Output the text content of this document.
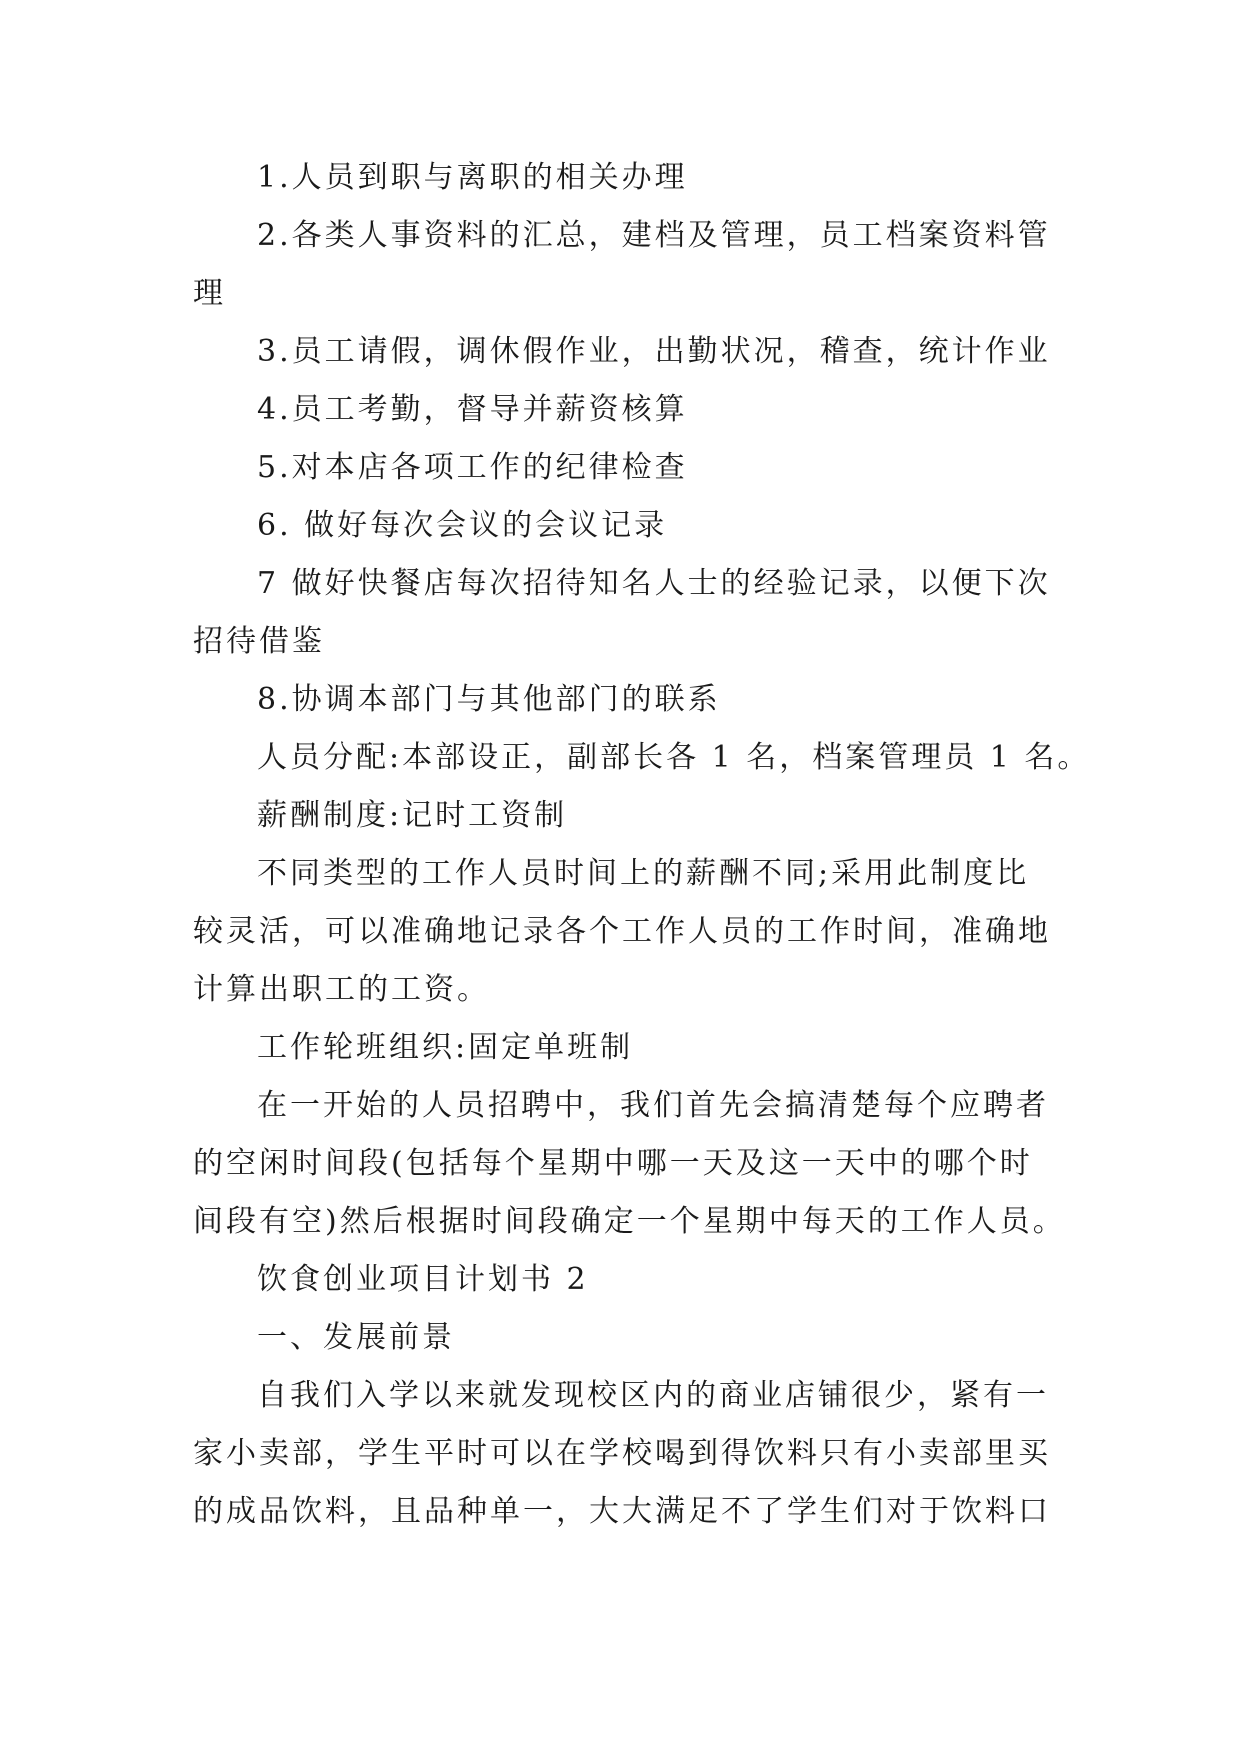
1.人员到职与离职的相关办理
2.各类人事资料的汇总，建档及管理，员工档案资料管
理
3.员工请假，调休假作业，出勤状况，稽查，统计作业
4.员工考勤，督导并薪资核算
5.对本店各项工作的纪律检查
6. 做好每次会议的会议记录
7 做好快餐店每次招待知名人士的经验记录，以便下次
招待借鉴
8.协调本部门与其他部门的联系
人员分配:本部设正，副部长各 1 名，档案管理员 1 名。
薪酬制度:记时工资制
不同类型的工作人员时间上的薪酬不同;采用此制度比
较灵活，可以准确地记录各个工作人员的工作时间，准确地
计算出职工的工资。
工作轮班组织:固定单班制
在一开始的人员招聘中，我们首先会搞清楚每个应聘者
的空闲时间段(包括每个星期中哪一天及这一天中的哪个时
间段有空)然后根据时间段确定一个星期中每天的工作人员。
饮食创业项目计划书 2
一、发展前景
自我们入学以来就发现校区内的商业店铺很少，紧有一
家小卖部，学生平时可以在学校喝到得饮料只有小卖部里买
的成品饮料，且品种单一，大大满足不了学生们对于饮料口
